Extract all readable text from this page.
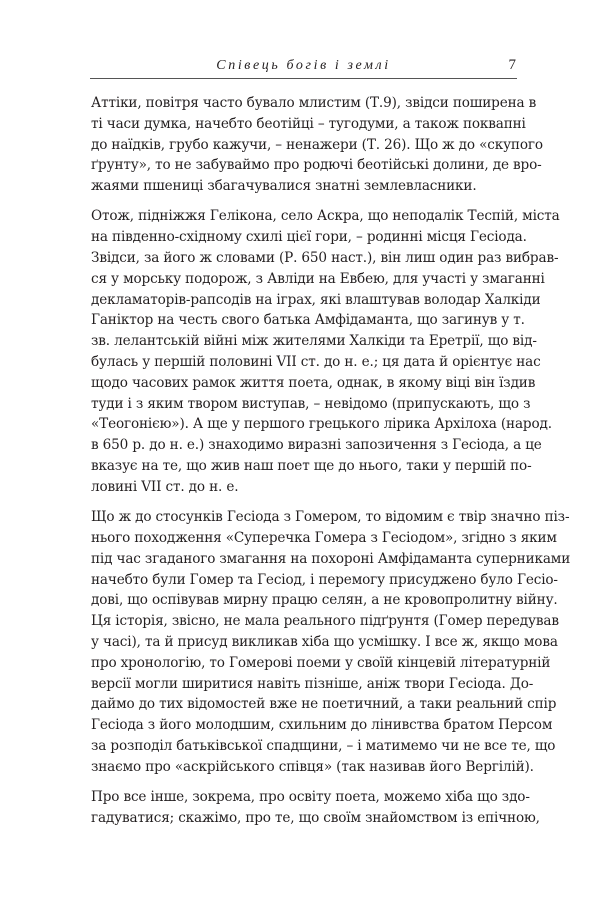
Співець богів і землі	7
Аттіки, повітря часто бувало млистим (Т.9), звідси поширена в
ті часи думка, начебто беотійці – тугодуми, а також поквапні
до наїдків, грубо кажучи, – ненажери (Т. 26). Що ж до «скупого
ґрунту», то не забуваймо про родючі беотійські долини, де вро-
жаями пшениці збагачувалися знатні землевласники.
Отож, підніжжя Гелікона, село Аскра, що неподалік Теспій, міста
на південно-східному схилі цієї гори, – родинні місця Гесіода.
Звідси, за його ж словами (Р. 650 наст.), він лиш один раз вибрав-
ся у морську подорож, з Авліди на Евбею, для участі у змаганні
декламаторів-рапсодів на іграх, які влаштував володар Халкіди
Ганіктор на честь свого батька Амфідаманта, що загинув у т.
зв. лелантській війні між жителями Халкіди та Еретрії, що від-
булась у першій половині VII ст. до н. е.; ця дата й орієнтує нас
щодо часових рамок життя поета, однак, в якому віці він їздив
туди і з яким твором виступав, – невідомо (припускають, що з
«Теогонією»). А ще у першого грецького лірика Архілоха (народ.
в 650 р. до н. е.) знаходимо виразні запозичення з Гесіода, а це
вказує на те, що жив наш поет ще до нього, таки у першій по-
ловині VII ст. до н. е.
Що ж до стосунків Гесіода з Гомером, то відомим є твір значно піз-
нього походження «Суперечка Гомера з Гесіодом», згідно з яким
під час згаданого змагання на похороні Амфідаманта суперниками
начебто були Гомер та Гесіод, і перемогу присуджено було Гесіо-
дові, що оспівував мирну працю селян, а не кровопролитну війну.
Ця історія, звісно, не мала реального підґрунтя (Гомер передував
у часі), та й присуд викликав хіба що усмішку. І все ж, якщо мова
про хронологію, то Гомерові поеми у своїй кінцевій літературній
версії могли ширитися навіть пізніше, аніж твори Гесіода. До-
даймо до тих відомостей вже не поетичний, а таки реальний спір
Гесіода з його молодшим, схильним до лінивства братом Персом
за розподіл батьківської спадщини, – і матимемо чи не все те, що
знаємо про «аскрійського співця» (так називав його Вергілій).
Про все інше, зокрема, про освіту поета, можемо хіба що здо-
гадуватися; скажімо, про те, що своїм знайомством із епічною,
